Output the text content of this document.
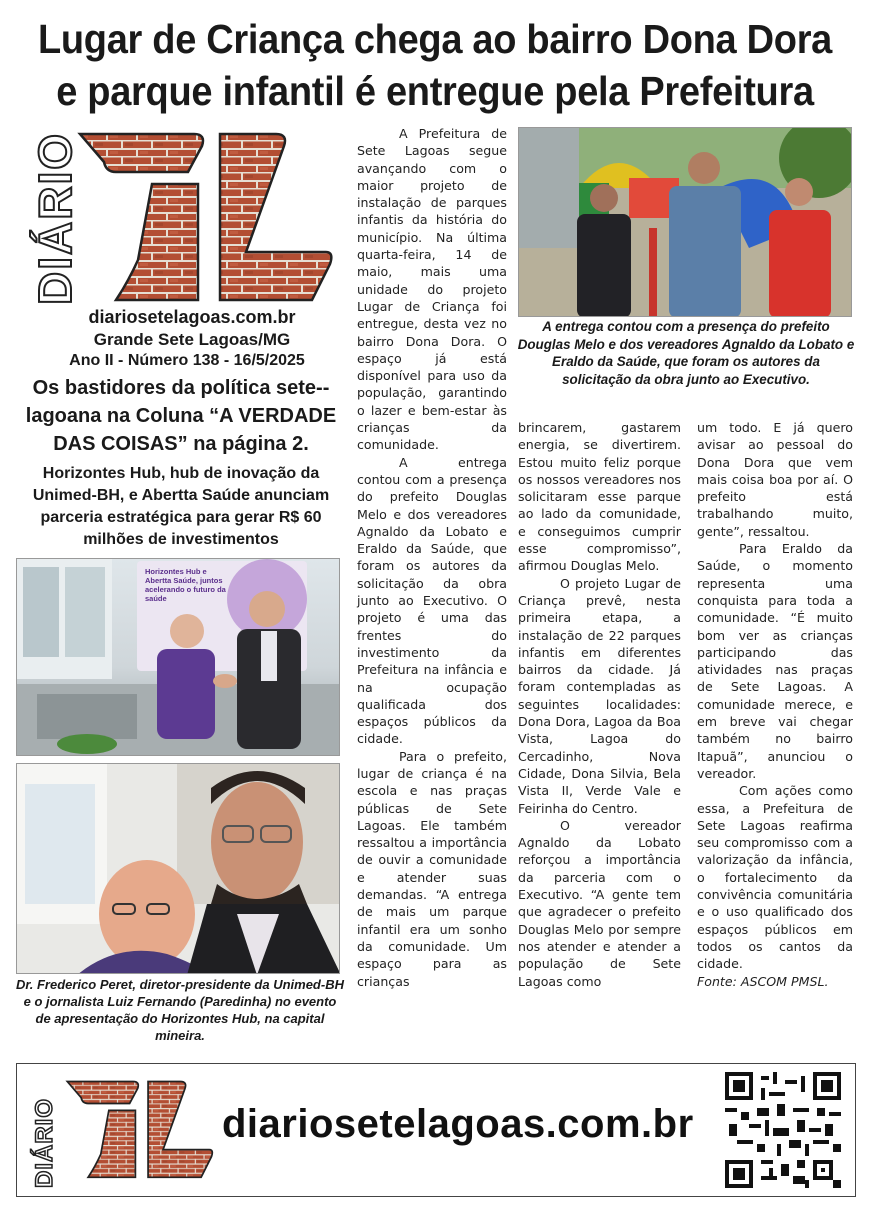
Lugar de Criança chega ao bairro Dona Dora
e parque infantil é entregue pela Prefeitura
DIÁRIO
diariosetelagoas.com.br
Grande Sete Lagoas/MG
Ano II - Número 138 - 16/5/2025
Os bastidores da política sete--lagoana na Coluna “A VERDADE DAS COISAS” na página 2.
Horizontes Hub, hub de inovação da Unimed-BH, e Abertta Saúde anunciam parceria estratégica para gerar R$ 60 milhões de investimentos
Horizontes Hub e Abertta Saúde, juntos acelerando o futuro da saúde
Dr. Frederico Peret, diretor-presidente da Unimed-BH e o jornalista Luiz Fernando (Paredinha) no evento de apresentação do Horizontes Hub, na capital mineira.
A entrega contou com a presença do prefeito Douglas Melo e dos vereadores Agnaldo da Lobato e Eraldo da Saúde, que foram os autores da solicitação da obra junto ao Executivo.

A Prefeitura de Sete Lagoas segue avançando com o maior projeto de instalação de parques infantis da história do município. Na última quarta-feira, 14 de maio, mais uma unidade do projeto Lugar de Criança foi entregue, desta vez no bairro Dona Dora. O espaço já está disponível para uso da população, garantindo o lazer e bem-estar às crianças da comunidade.

A entrega contou com a presença do prefeito Douglas Melo e dos vereadores Agnaldo da Lobato e Eraldo da Saúde, que foram os autores da solicitação da obra junto ao Executivo. O projeto é uma das frentes do investimento da Prefeitura na infância e na ocupação qualificada dos espaços públicos da cidade.

Para o prefeito, lugar de criança é na escola e nas praças públicas de Sete Lagoas. Ele também ressaltou a importância de ouvir a comunidade e atender suas demandas. “A entrega de mais um parque infantil era um sonho da comunidade. Um espaço para as crianças

brincarem, gastarem energia, se divertirem. Estou muito feliz porque os nossos vereadores nos solicitaram esse parque ao lado da comunidade, e conseguimos cumprir esse compromisso”, afirmou Douglas Melo.

O projeto Lugar de Criança prevê, nesta primeira etapa, a instalação de 22 parques infantis em diferentes bairros da cidade. Já foram contempladas as seguintes localidades: Dona Dora, Lagoa da Boa Vista, Lagoa do Cercadinho, Nova Cidade, Dona Silvia, Bela Vista II, Verde Vale e Feirinha do Centro.

O vereador Agnaldo da Lobato reforçou a importância da parceria com o Executivo. “A gente tem que agradecer o prefeito Douglas Melo por sempre nos atender e atender a população de Sete Lagoas como

um todo. E já quero avisar ao pessoal do Dona Dora que vem mais coisa boa por aí. O prefeito está trabalhando muito, gente”, ressaltou.

Para Eraldo da Saúde, o momento representa uma conquista para toda a comunidade. “É muito bom ver as crianças participando das atividades nas praças de Sete Lagoas. A comunidade merece, e em breve vai chegar também no bairro Itapuã”, anunciou o vereador.

Com ações como essa, a Prefeitura de Sete Lagoas reafirma seu compromisso com a valorização da infância, o fortalecimento da convivência comunitária e o uso qualificado dos espaços públicos em todos os cantos da cidade.

Fonte: ASCOM PMSL.

DIÁRIO	diariosetelagoas.com.br
